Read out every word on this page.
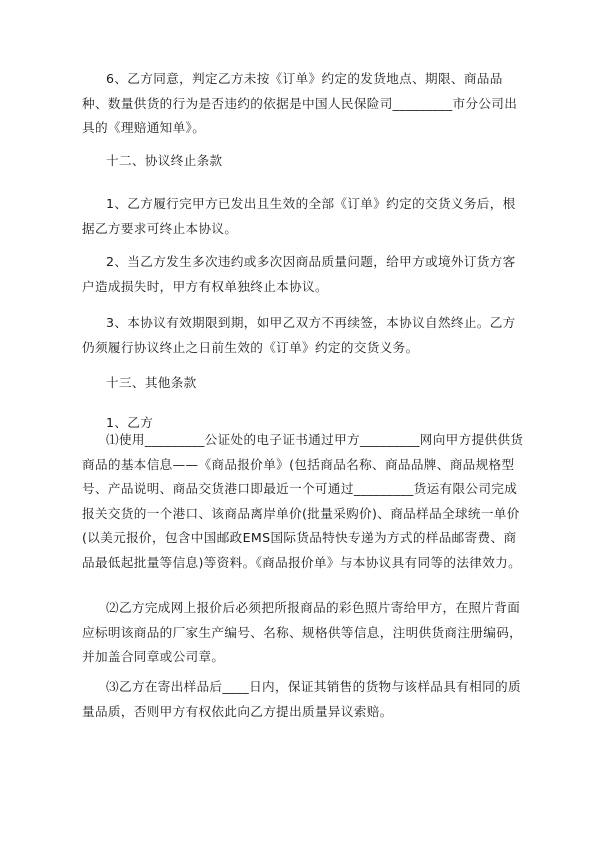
6、乙方同意，判定乙方未按《订单》约定的发货地点、期限、商品品种、数量供货的行为是否违约的依据是中国人民保险司_________市分公司出具的《理赔通知单》。

十二、协议终止条款

1、乙方履行完甲方已发出且生效的全部《订单》约定的交货义务后，根据乙方要求可终止本协议。

2、当乙方发生多次违约或多次因商品质量问题，给甲方或境外订货方客户造成损失时，甲方有权单独终止本协议。

3、本协议有效期限到期，如甲乙双方不再续签，本协议自然终止。乙方仍须履行协议终止之日前生效的《订单》约定的交货义务。

十三、其他条款

1、乙方

⑴使用_________公证处的电子证书通过甲方_________网向甲方提供供货商品的基本信息——《商品报价单》(包括商品名称、商品品牌、商品规格型号、产品说明、商品交货港口即最近一个可通过_________货运有限公司完成报关交货的一个港口、该商品离岸单价(批量采购价)、商品样品全球统一单价(以美元报价，包含中国邮政EMS国际货品特快专递为方式的样品邮寄费、商品最低起批量等信息)等资料。《商品报价单》与本协议具有同等的法律效力。

⑵乙方完成网上报价后必须把所报商品的彩色照片寄给甲方，在照片背面应标明该商品的厂家生产编号、名称、规格供等信息，注明供货商注册编码，并加盖合同章或公司章。

⑶乙方在寄出样品后____日内，保证其销售的货物与该样品具有相同的质量品质，否则甲方有权依此向乙方提出质量异议索赔。
